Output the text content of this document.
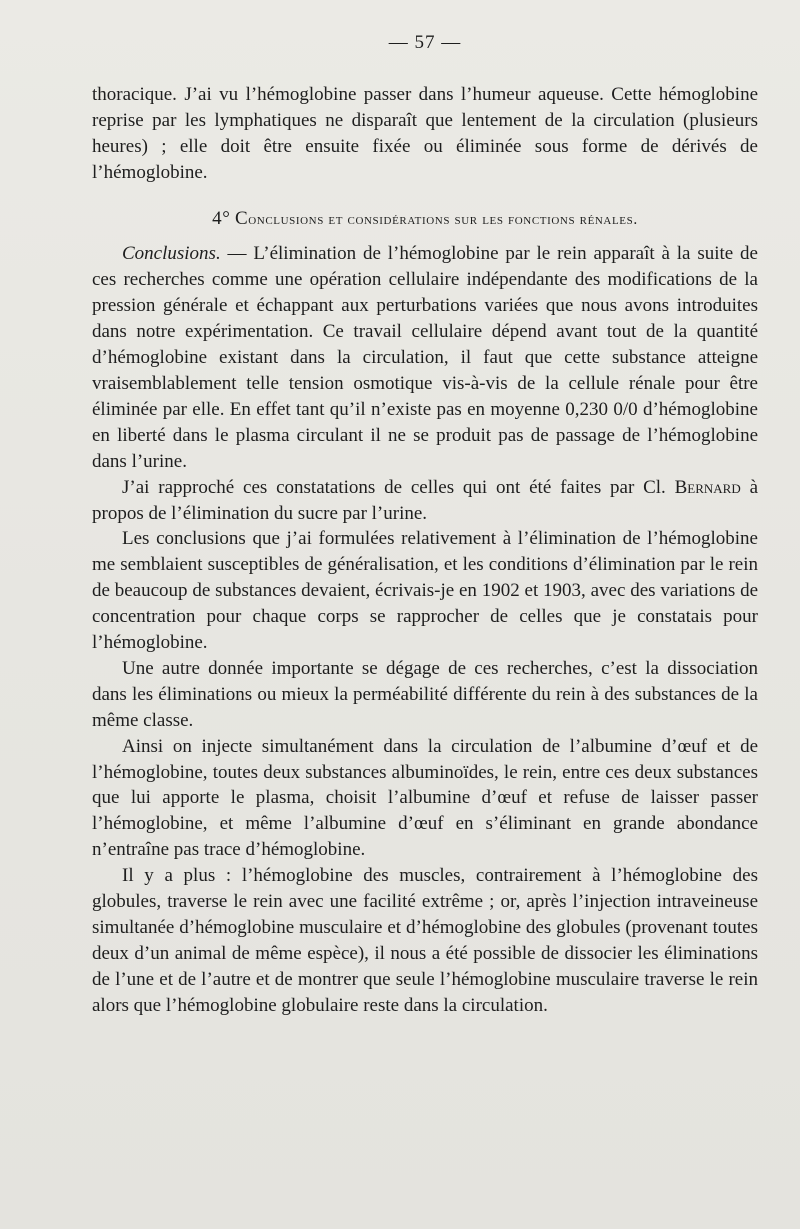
— 57 —

thoracique. J’ai vu l’hémoglobine passer dans l’humeur aqueuse. Cette hémoglobine reprise par les lymphatiques ne disparaît que lentement de la circulation (plusieurs heures) ; elle doit être ensuite fixée ou éliminée sous forme de dérivés de l’hémoglobine.

4° Conclusions et considérations sur les fonctions rénales.

Conclusions. — L’élimination de l’hémoglobine par le rein apparaît à la suite de ces recherches comme une opération cellulaire indépendante des modifications de la pression générale et échappant aux perturbations variées que nous avons introduites dans notre expérimentation. Ce travail cellulaire dépend avant tout de la quantité d’hémoglobine existant dans la circulation, il faut que cette substance atteigne vraisemblablement telle tension osmotique vis-à-vis de la cellule rénale pour être éliminée par elle. En effet tant qu’il n’existe pas en moyenne 0,230 0/0 d’hémoglobine en liberté dans le plasma circulant il ne se produit pas de passage de l’hémoglobine dans l’urine.

J’ai rapproché ces constatations de celles qui ont été faites par Cl. Bernard à propos de l’élimination du sucre par l’urine.

Les conclusions que j’ai formulées relativement à l’élimination de l’hémoglobine me semblaient susceptibles de généralisation, et les conditions d’élimination par le rein de beaucoup de substances devaient, écrivais-je en 1902 et 1903, avec des variations de concentration pour chaque corps se rapprocher de celles que je constatais pour l’hémoglobine.

Une autre donnée importante se dégage de ces recherches, c’est la dissociation dans les éliminations ou mieux la perméabilité différente du rein à des substances de la même classe.

Ainsi on injecte simultanément dans la circulation de l’albumine d’œuf et de l’hémoglobine, toutes deux substances albuminoïdes, le rein, entre ces deux substances que lui apporte le plasma, choisit l’albumine d’œuf et refuse de laisser passer l’hémoglobine, et même l’albumine d’œuf en s’éliminant en grande abondance n’entraîne pas trace d’hémoglobine.

Il y a plus : l’hémoglobine des muscles, contrairement à l’hémoglobine des globules, traverse le rein avec une facilité extrême ; or, après l’injection intraveineuse simultanée d’hémoglobine musculaire et d’hémoglobine des globules (provenant toutes deux d’un animal de même espèce), il nous a été possible de dissocier les éliminations de l’une et de l’autre et de montrer que seule l’hémoglobine musculaire traverse le rein alors que l’hémoglobine globulaire reste dans la circulation.
